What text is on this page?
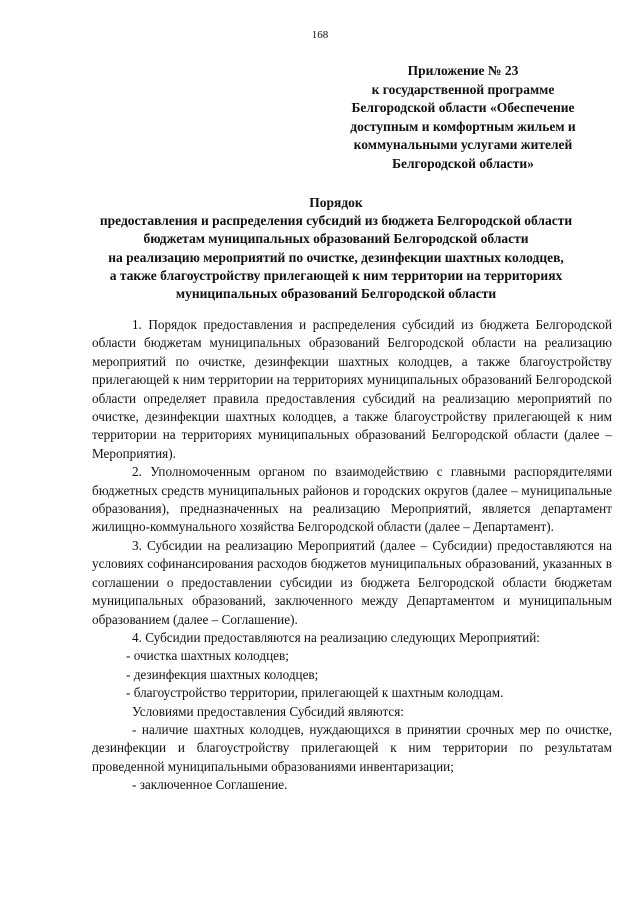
168
Приложение № 23
к государственной программе
Белгородской области «Обеспечение
доступным и комфортным жильем и
коммунальными услугами жителей
Белгородской области»
Порядок
предоставления и распределения субсидий из бюджета Белгородской области
бюджетам муниципальных образований Белгородской области
на реализацию мероприятий по очистке, дезинфекции шахтных колодцев,
а также благоустройству прилегающей к ним территории на территориях
муниципальных образований Белгородской области

1. Порядок предоставления и распределения субсидий из бюджета Белгородской области бюджетам муниципальных образований Белгородской области на реализацию мероприятий по очистке, дезинфекции шахтных колодцев, а также благоустройству прилегающей к ним территории на территориях муниципальных образований Белгородской области определяет правила предоставления субсидий на реализацию мероприятий по очистке, дезинфекции шахтных колодцев, а также благоустройству прилегающей к ним территории на территориях муниципальных образований Белгородской области (далее – Мероприятия).

2. Уполномоченным органом по взаимодействию с главными распорядителями бюджетных средств муниципальных районов и городских округов (далее – муниципальные образования), предназначенных на реализацию Мероприятий, является департамент жилищно-коммунального хозяйства Белгородской области (далее – Департамент).

3. Субсидии на реализацию Мероприятий (далее – Субсидии) предоставляются на условиях софинансирования расходов бюджетов муниципальных образований, указанных в соглашении о предоставлении субсидии из бюджета Белгородской области бюджетам муниципальных образований, заключенного между Департаментом и муниципальным образованием (далее – Соглашение).

4. Субсидии предоставляются на реализацию следующих Мероприятий:

- очистка шахтных колодцев;

- дезинфекция шахтных колодцев;

- благоустройство территории, прилегающей к шахтным колодцам.

Условиями предоставления Субсидий являются:

- наличие шахтных колодцев, нуждающихся в принятии срочных мер по очистке, дезинфекции и благоустройству прилегающей к ним территории по результатам проведенной муниципальными образованиями инвентаризации;

- заключенное Соглашение.
